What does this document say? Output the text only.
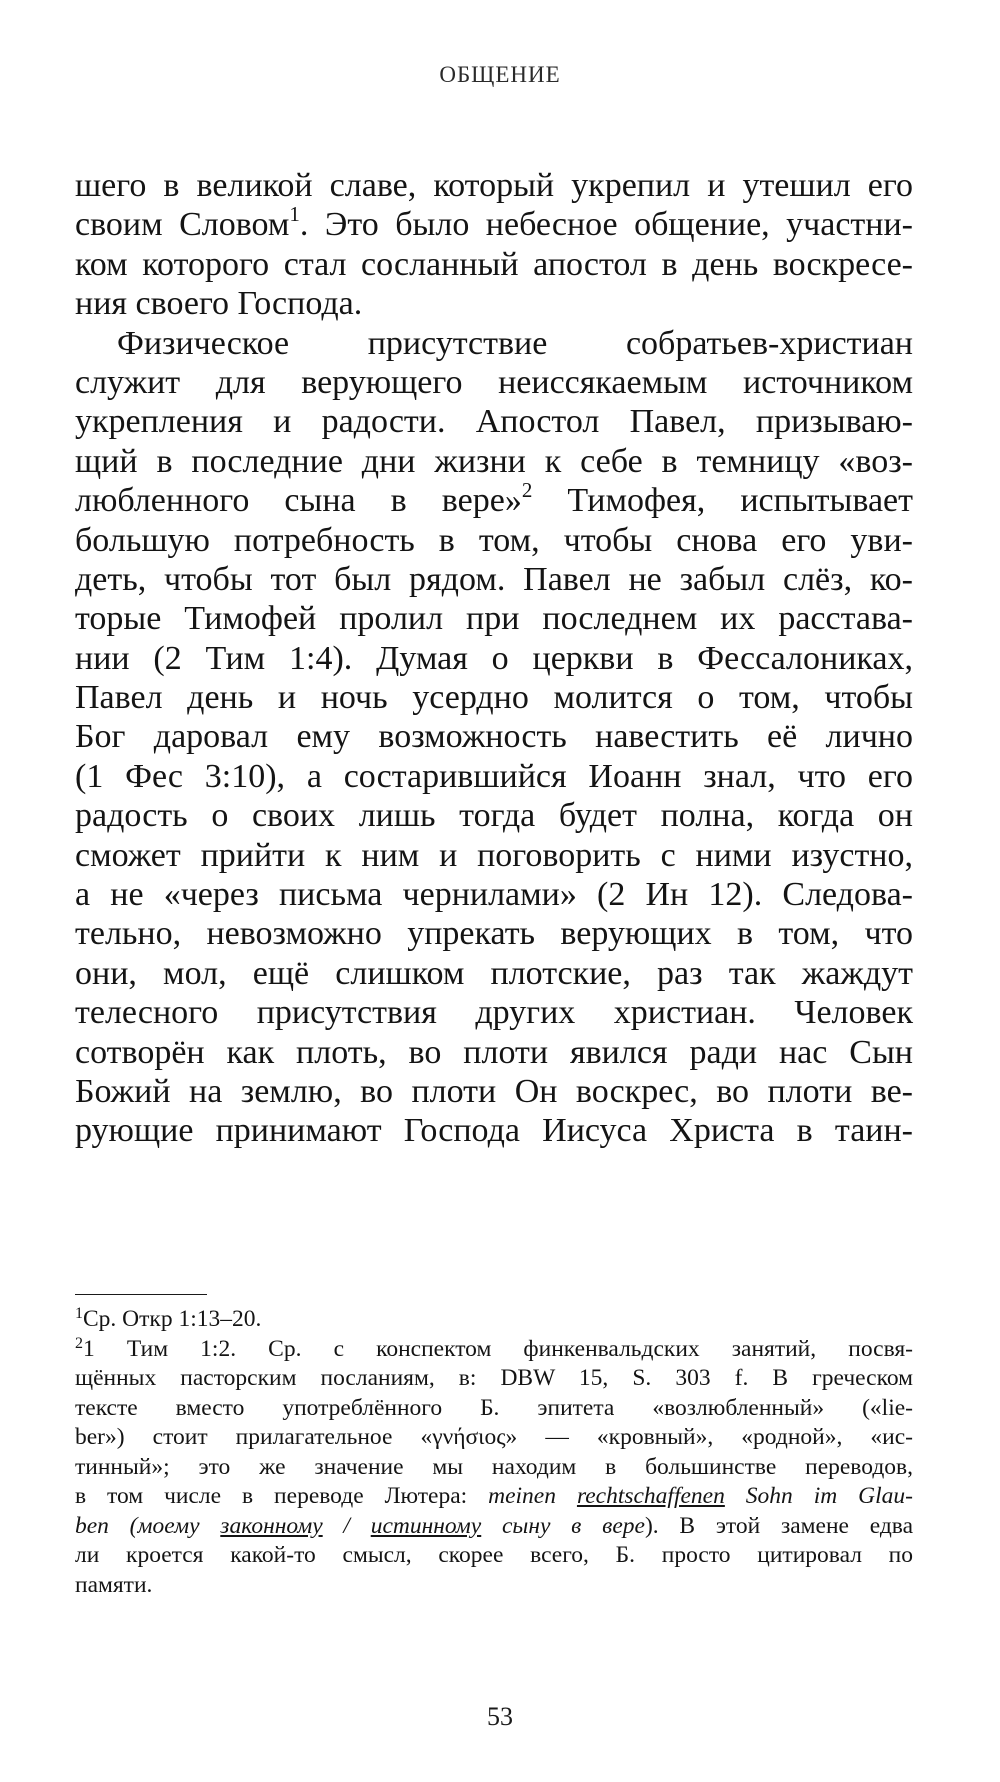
ОБЩЕНИЕ
шего в великой славе, который укрепил и утешил его
своим Словом$^1$. Это было небесное общение, участни-
ком которого стал сосланный апостол в день воскресе-
ния своего Господа.
Физическое присутствие собратьев-христиан
служит для верующего неиссякаемым источником
укрепления и радости. Апостол Павел, призываю-
щий в последние дни жизни к себе в темницу «воз-
любленного сына в вере»$^2$ Тимофея, испытывает
большую потребность в том, чтобы снова его уви-
деть, чтобы тот был рядом. Павел не забыл слёз, ко-
торые Тимофей пролил при последнем их расстава-
нии (2 Тим 1:4). Думая о церкви в Фессалониках,
Павел день и ночь усердно молится о том, чтобы
Бог даровал ему возможность навестить её лично
(1 Фес 3:10), а состарившийся Иоанн знал, что его
радость о своих лишь тогда будет полна, когда он
сможет прийти к ним и поговорить с ними изустно,
а не «через письма чернилами» (2 Ин 12). Следова-
тельно, невозможно упрекать верующих в том, что
они, мол, ещё слишком плотские, раз так жаждут
телесного присутствия других христиан. Человек
сотворён как плоть, во плоти явился ради нас Сын
Божий на землю, во плоти Он воскрес, во плоти ве-
рующие принимают Господа Иисуса Христа в таин-
$^1$Ср. Откр 1:13–20.
$^2$1 Тим 1:2. Ср. с конспектом финкенвальдских занятий, посвя-
щённых пасторским посланиям, в: DBW 15, S. 303 f. В греческом
тексте вместо употреблённого Б. эпитета «возлюбленный» («lie-
ber») стоит прилагательное «γνήσιος» — «кровный», «родной», «ис-
тинный»; это же значение мы находим в большинстве переводов,
в том числе в переводе Лютера: meinen rechtschaffenen Sohn im Glau-
ben (моему законному / истинному сыну в вере). В этой замене едва
ли кроется какой-то смысл, скорее всего, Б. просто цитировал по
памяти.
53
